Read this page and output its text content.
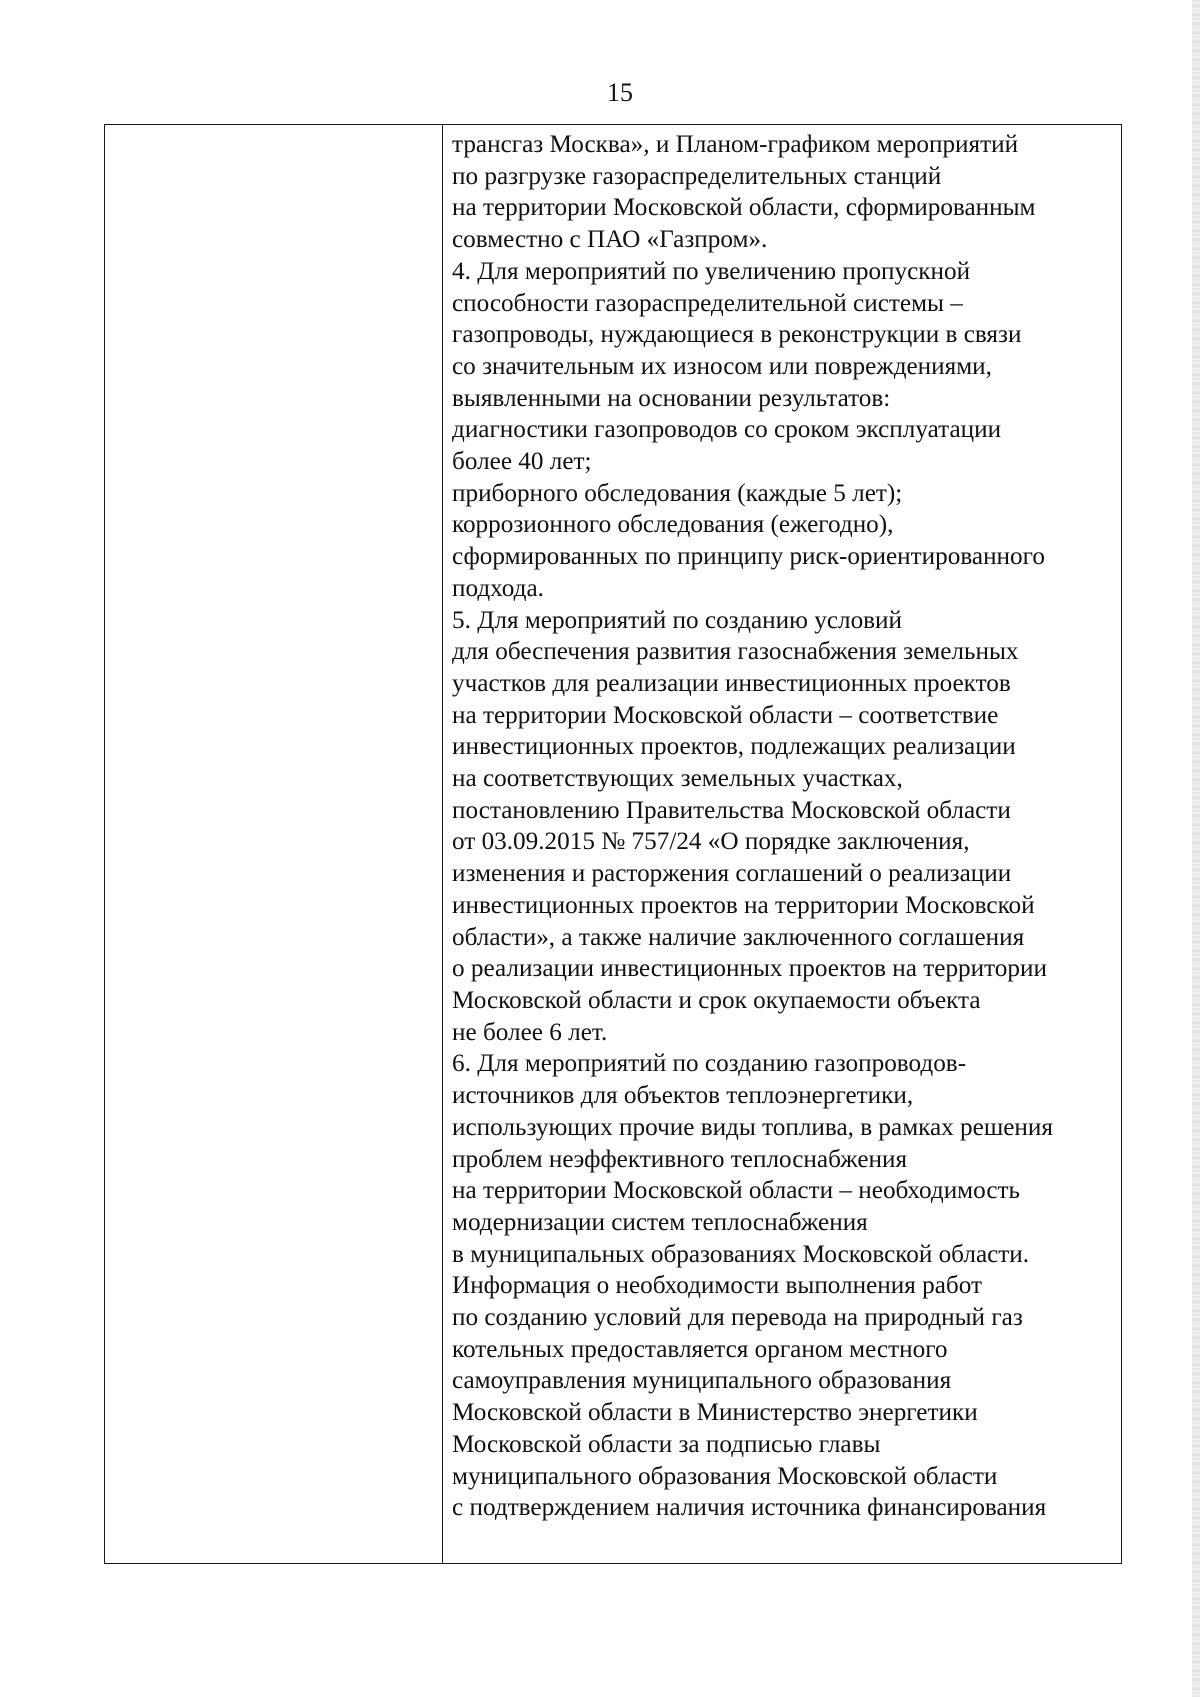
15
трансгаз Москва», и Планом-графиком мероприятий
по разгрузке газораспределительных станций
на территории Московской области, сформированным
совместно с ПАО «Газпром».
4. Для мероприятий по увеличению пропускной
способности газораспределительной системы –
газопроводы, нуждающиеся в реконструкции в связи
со значительным их износом или повреждениями,
выявленными на основании результатов:
диагностики газопроводов со сроком эксплуатации
более 40 лет;
приборного обследования (каждые 5 лет);
коррозионного обследования (ежегодно),
сформированных по принципу риск-ориентированного
подхода.
5. Для мероприятий по созданию условий
для обеспечения развития газоснабжения земельных
участков для реализации инвестиционных проектов
на территории Московской области – соответствие
инвестиционных проектов, подлежащих реализации
на соответствующих земельных участках,
постановлению Правительства Московской области
от 03.09.2015 № 757/24 «О порядке заключения,
изменения и расторжения соглашений о реализации
инвестиционных проектов на территории Московской
области», а также наличие заключенного соглашения
о реализации инвестиционных проектов на территории
Московской области и срок окупаемости объекта
не более 6 лет.
6. Для мероприятий по созданию газопроводов-
источников для объектов теплоэнергетики,
использующих прочие виды топлива, в рамках решения
проблем неэффективного теплоснабжения
на территории Московской области – необходимость
модернизации систем теплоснабжения
в муниципальных образованиях Московской области.
Информация о необходимости выполнения работ
по созданию условий для перевода на природный газ
котельных предоставляется органом местного
самоуправления муниципального образования
Московской области в Министерство энергетики
Московской области за подписью главы
муниципального образования Московской области
с подтверждением наличия источника финансирования
